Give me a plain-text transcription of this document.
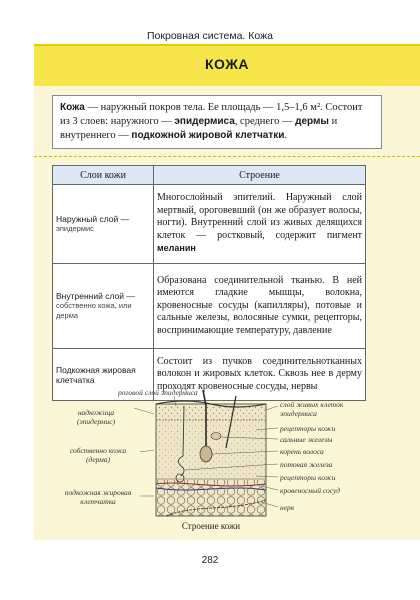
Покровная система. Кожа
КОЖА
Кожа — наружный покров тела. Ее площадь — 1,5–1,6 м². Состоит из 3 слоев: наружного — эпидермиса, среднего — дермы и внутреннего — подкожной жировой клетчатки.
Слои кожи	Строение
Наружный слой —
эпидермис	Многослойный эпителий. Наружный слой мертвый, ороговевший (он же образует волосы, ногти). Внутренний слой из живых делящихся клеток — ростковый, содержит пигмент меланин
Внутренний слой —
собственно кожа, или дерма	Образована соединительной тканью. В ней имеются гладкие мышцы, волокна, кровеносные сосуды (капилляры), потовые и сальные железы, волосяные сумки, рецепторы, воспринимающие температуру, давление
Подкожная жировая клетчатка	Состоит из пучков соединительнотканных волокон и жировых клеток. Сквозь нее в дерму проходят кровеносные сосуды, нервы
роговой слой эпидермиса
надкожица
(эпидермис)
собственно кожа
(дерма)
подкожная жировая
клетчатка
слой живых клеток
эпидермиса
рецепторы кожи
сальные железы
корень волоса
потовая железа
рецепторы кожи
кровеносный сосуд
нерв
Строение кожи
282
